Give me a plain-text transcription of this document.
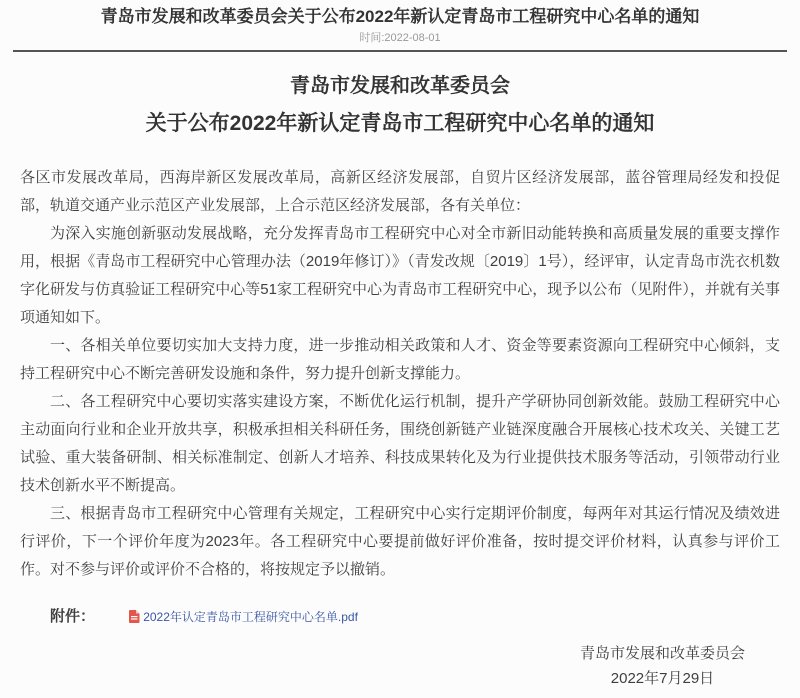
青岛市发展和改革委员会关于公布2022年新认定青岛市工程研究中心名单的通知
时间:2022-08-01
青岛市发展和改革委员会
关于公布2022年新认定青岛市工程研究中心名单的通知

各区市发展改革局，西海岸新区发展改革局，高新区经济发展部，自贸片区经济发展部，蓝谷管理局经发和投促部，轨道交通产业示范区产业发展部，上合示范区经济发展部，各有关单位：

为深入实施创新驱动发展战略，充分发挥青岛市工程研究中心对全市新旧动能转换和高质量发展的重要支撑作用，根据《青岛市工程研究中心管理办法（2019年修订）》（青发改规〔2019〕1号），经评审，认定青岛市洗衣机数字化研发与仿真验证工程研究中心等51家工程研究中心为青岛市工程研究中心，现予以公布（见附件），并就有关事项通知如下。

一、各相关单位要切实加大支持力度，进一步推动相关政策和人才、资金等要素资源向工程研究中心倾斜，支持工程研究中心不断完善研发设施和条件，努力提升创新支撑能力。

二、各工程研究中心要切实落实建设方案，不断优化运行机制，提升产学研协同创新效能。鼓励工程研究中心主动面向行业和企业开放共享，积极承担相关科研任务，围绕创新链产业链深度融合开展核心技术攻关、关键工艺试验、重大装备研制、相关标准制定、创新人才培养、科技成果转化及为行业提供技术服务等活动，引领带动行业技术创新水平不断提高。

三、根据青岛市工程研究中心管理有关规定，工程研究中心实行定期评价制度，每两年对其运行情况及绩效进行评价，下一个评价年度为2023年。各工程研究中心要提前做好评价准备，按时提交评价材料，认真参与评价工作。对不参与评价或评价不合格的，将按规定予以撤销。

附件：	2022年认定青岛市工程研究中心名单.pdf
青岛市发展和改革委员会
2022年7月29日
